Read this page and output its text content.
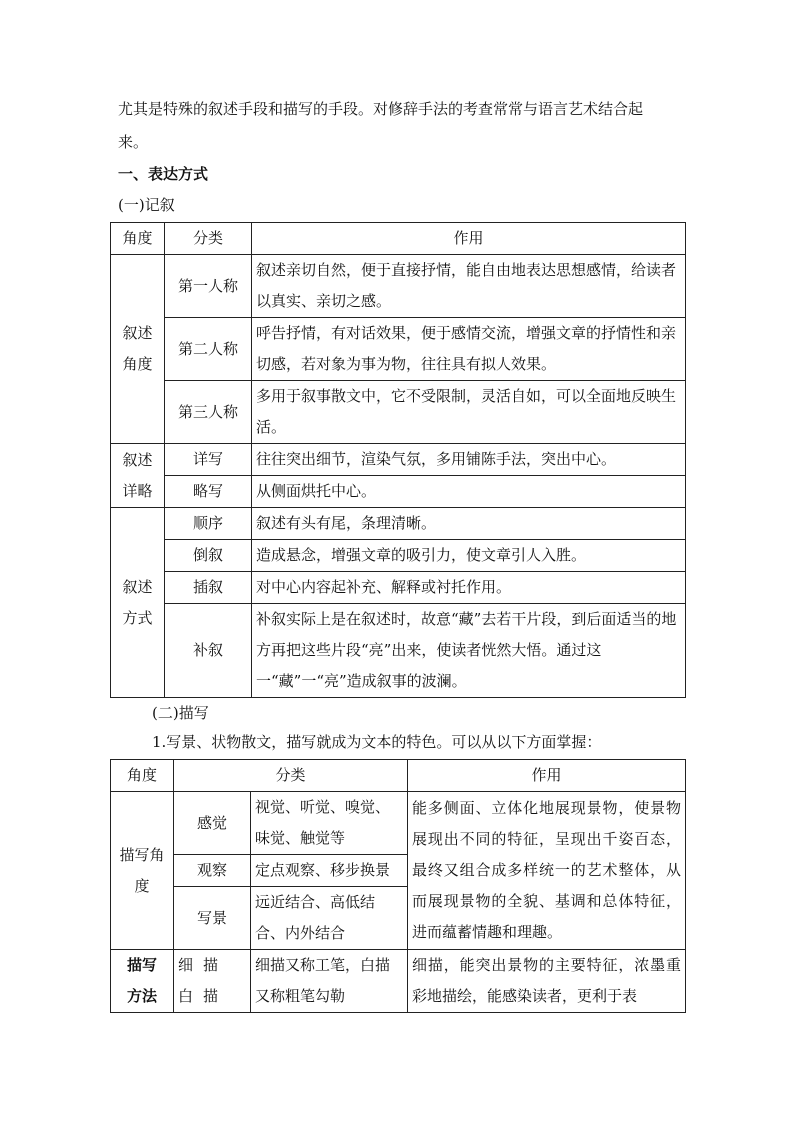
尤其是特殊的叙述手段和描写的手段。对修辞手法的考查常常与语言艺术结合起
来。
一、表达方式
(一)记叙
角度	分类	作用
叙述角度	第一人称	叙述亲切自然，便于直接抒情，能自由地表达思想感情，给读者以真实、亲切之感。
	第二人称	呼告抒情，有对话效果，便于感情交流，增强文章的抒情性和亲切感，若对象为事为物，往往具有拟人效果。
	第三人称	多用于叙事散文中，它不受限制，灵活自如，可以全面地反映生活。
叙述详略	详写	往往突出细节，渲染气氛，多用铺陈手法，突出中心。
	略写	从侧面烘托中心。
叙述方式	顺序	叙述有头有尾，条理清晰。
	倒叙	造成悬念，增强文章的吸引力，使文章引人入胜。
	插叙	对中心内容起补充、解释或衬托作用。
	补叙	补叙实际上是在叙述时，故意“藏”去若干片段，到后面适当的地方再把这些片段“亮”出来，使读者恍然大悟。通过这一“藏”一“亮”造成叙事的波澜。
(二)描写
1.写景、状物散文，描写就成为文本的特色。可以从以下方面掌握：
角度	分类		作用
描写角度	感觉	视觉、听觉、嗅觉、味觉、触觉等	能多侧面、立体化地展现景物，使景物展现出不同的特征，呈现出千姿百态，最终又组合成多样统一的艺术整体，从而展现景物的全貌、基调和总体特征，进而蕴蓄情趣和理趣。
	观察	定点观察、移步换景	
	写景	远近结合、高低结合、内外结合	
描写方法	细描白描	细描又称工笔，白描又称粗笔勾勒	细描，能突出景物的主要特征，浓墨重彩地描绘，能感染读者，更利于表
